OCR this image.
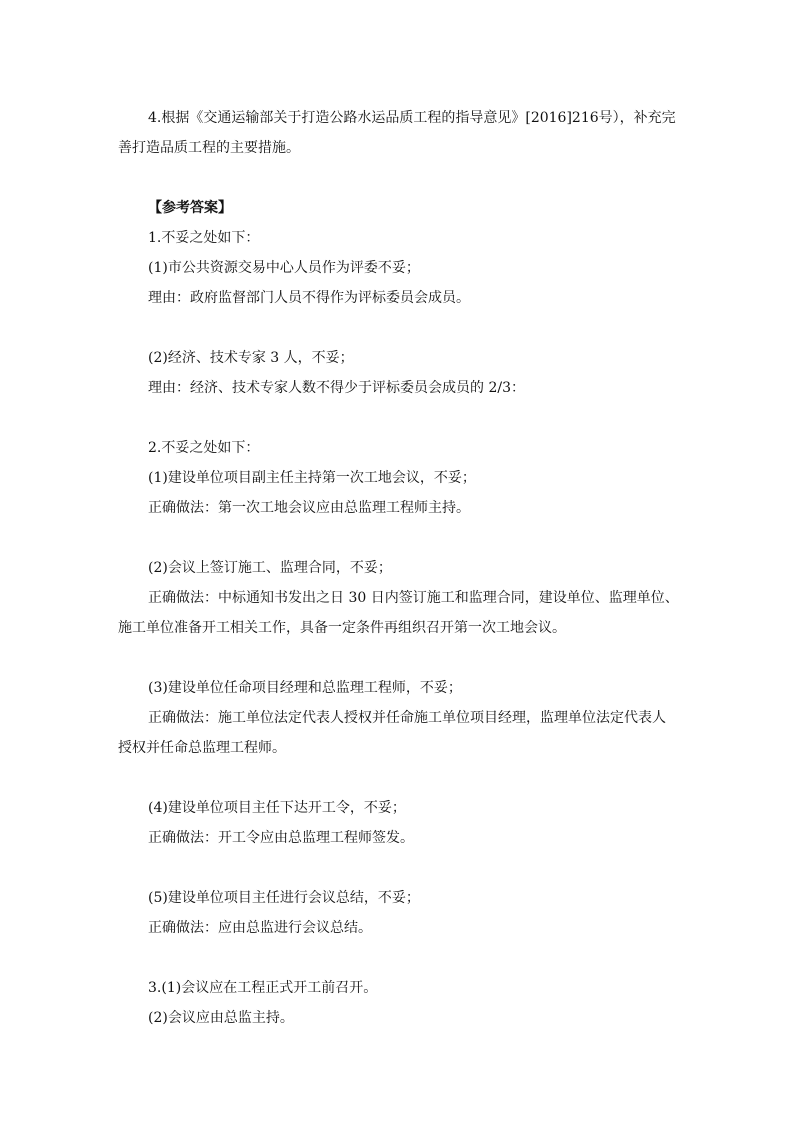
4.根据《交通运输部关于打造公路水运品质工程的指导意见》[2016]216号），补充完

善打造品质工程的主要措施。

【参考答案】

1.不妥之处如下：

(1)市公共资源交易中心人员作为评委不妥；

理由：政府监督部门人员不得作为评标委员会成员。

(2)经济、技术专家 3 人，不妥；

理由：经济、技术专家人数不得少于评标委员会成员的 2/3：

2.不妥之处如下：

(1)建设单位项目副主任主持第一次工地会议，不妥；

正确做法：第一次工地会议应由总监理工程师主持。

(2)会议上签订施工、监理合同，不妥；

正确做法：中标通知书发出之日 30 日内签订施工和监理合同，建设单位、监理单位、

施工单位准备开工相关工作，具备一定条件再组织召开第一次工地会议。

(3)建设单位任命项目经理和总监理工程师，不妥；

正确做法：施工单位法定代表人授权并任命施工单位项目经理，监理单位法定代表人

授权并任命总监理工程师。

(4)建设单位项目主任下达开工令，不妥；

正确做法：开工令应由总监理工程师签发。

(5)建设单位项目主任进行会议总结，不妥；

正确做法：应由总监进行会议总结。

3.(1)会议应在工程正式开工前召开。

(2)会议应由总监主持。
